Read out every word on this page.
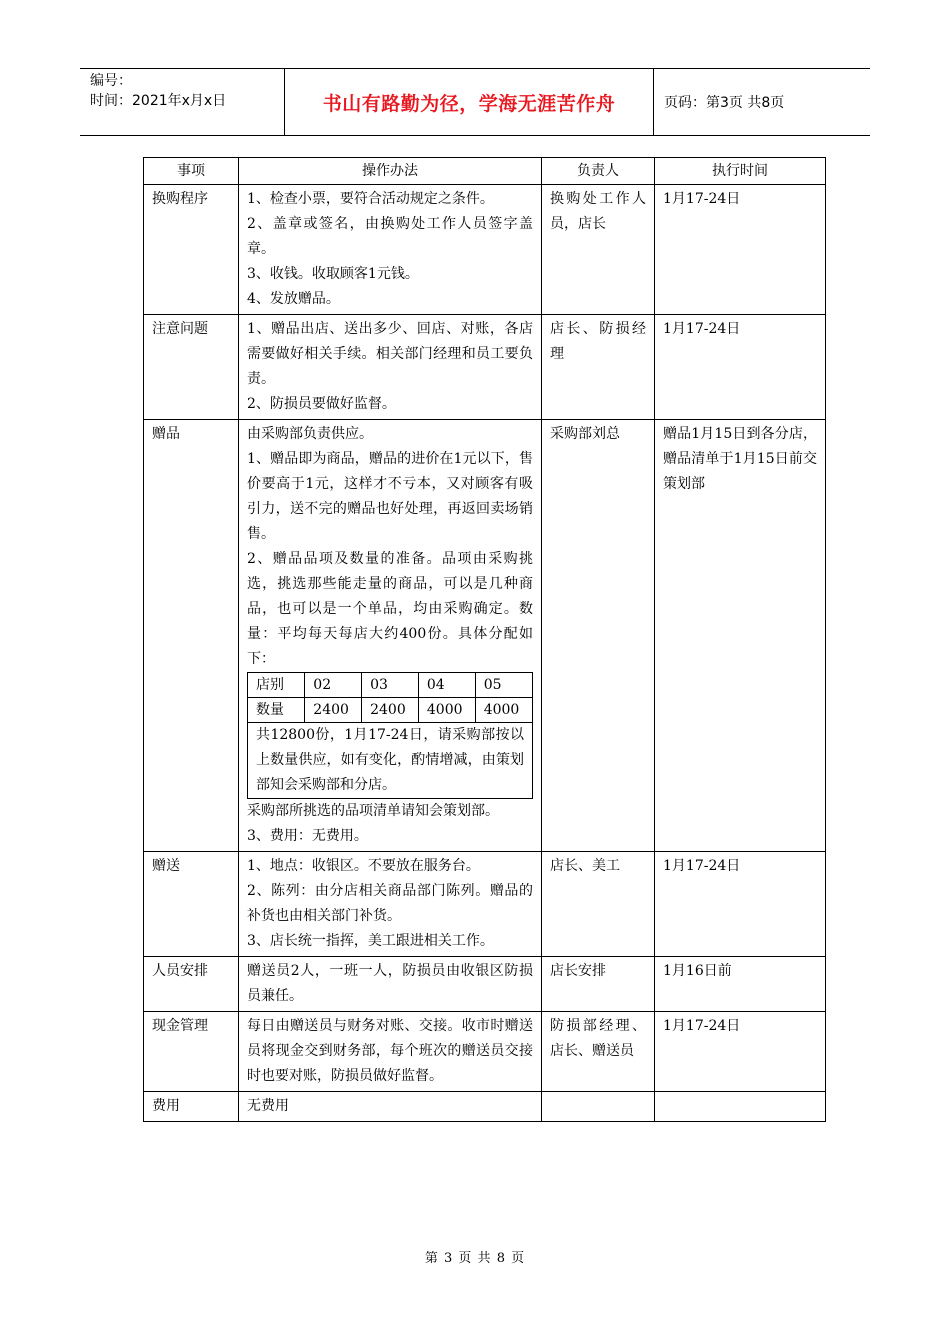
编号：
时间：2021年x月x日	书山有路勤为径，学海无涯苦作舟	页码：第3页 共8页
事项	操作办法	负责人	执行时间
换购程序	1、检查小票，要符合活动规定之条件。
2、盖章或签名，由换购处工作人员签字盖章。
3、收钱。收取顾客1元钱。
4、发放赠品。
	换购处工作人员，店长	1月17-24日
注意问题	1、赠品出店、送出多少、回店、对账，各店需要做好相关手续。相关部门经理和员工要负责。
2、防损员要做好监督。
	店长、防损经理	1月17-24日
赠品	由采购部负责供应。
1、赠品即为商品，赠品的进价在1元以下，售价要高于1元，这样才不亏本，又对顾客有吸引力，送不完的赠品也好处理，再返回卖场销售。
2、赠品品项及数量的准备。品项由采购挑选，挑选那些能走量的商品，可以是几种商品，也可以是一个单品，均由采购确定。数量：平均每天每店大约400份。具体分配如下：
店别	02	03	04	05
数量	2400	2400	4000	4000
共12800份，1月17-24日，请采购部按以上数量供应，如有变化，酌情增减，由策划部知会采购部和分店。
采购部所挑选的品项清单请知会策划部。
3、费用：无费用。
	采购部刘总	赠品1月15日到各分店，赠品清单于1月15日前交策划部
赠送	1、地点：收银区。不要放在服务台。
2、陈列：由分店相关商品部门陈列。赠品的补货也由相关部门补货。
3、店长统一指挥，美工跟进相关工作。
	店长、美工	1月17-24日
人员安排	赠送员2人，一班一人，防损员由收银区防损员兼任。
	店长安排	1月16日前
现金管理	每日由赠送员与财务对账、交接。收市时赠送员将现金交到财务部，每个班次的赠送员交接时也要对账，防损员做好监督。
	防损部经理、店长、赠送员	1月17-24日
费用	无费用

第 3 页 共 8 页
